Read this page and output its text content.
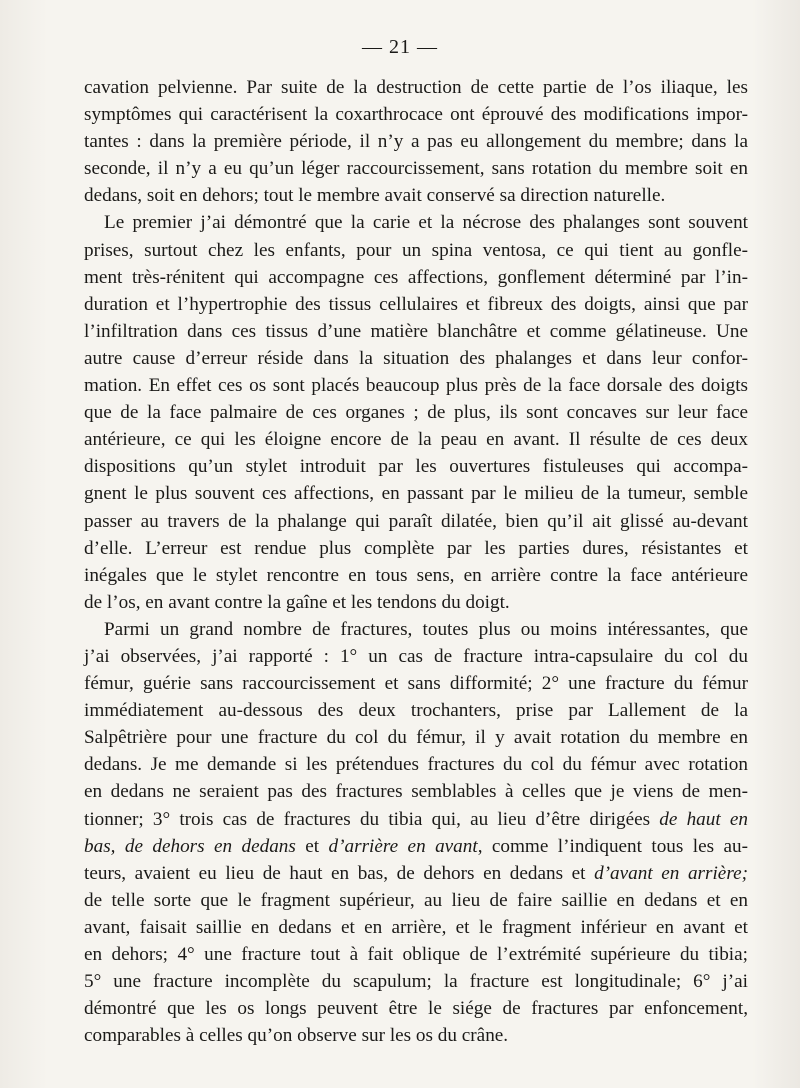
— 21 —

cavation pelvienne. Par suite de la destruction de cette partie de l’os iliaque, les
symptômes qui caractérisent la coxarthrocace ont éprouvé des modifications impor-
tantes : dans la première période, il n’y a pas eu allongement du membre; dans la
seconde, il n’y a eu qu’un léger raccourcissement, sans rotation du membre soit en
dedans, soit en dehors; tout le membre avait conservé sa direction naturelle.

Le premier j’ai démontré que la carie et la nécrose des phalanges sont souvent
prises, surtout chez les enfants, pour un spina ventosa, ce qui tient au gonfle-
ment très-rénitent qui accompagne ces affections, gonflement déterminé par l’in-
duration et l’hypertrophie des tissus cellulaires et fibreux des doigts, ainsi que par
l’infiltration dans ces tissus d’une matière blanchâtre et comme gélatineuse. Une
autre cause d’erreur réside dans la situation des phalanges et dans leur confor-
mation. En effet ces os sont placés beaucoup plus près de la face dorsale des doigts
que de la face palmaire de ces organes ; de plus, ils sont concaves sur leur face
antérieure, ce qui les éloigne encore de la peau en avant. Il résulte de ces deux
dispositions qu’un stylet introduit par les ouvertures fistuleuses qui accompa-
gnent le plus souvent ces affections, en passant par le milieu de la tumeur, semble
passer au travers de la phalange qui paraît dilatée, bien qu’il ait glissé au-devant
d’elle. L’erreur est rendue plus complète par les parties dures, résistantes et
inégales que le stylet rencontre en tous sens, en arrière contre la face antérieure
de l’os, en avant contre la gaîne et les tendons du doigt.

Parmi un grand nombre de fractures, toutes plus ou moins intéressantes, que
j’ai observées, j’ai rapporté : 1° un cas de fracture intra-capsulaire du col du
fémur, guérie sans raccourcissement et sans difformité; 2° une fracture du fémur
immédiatement au-dessous des deux trochanters, prise par Lallement de la
Salpêtrière pour une fracture du col du fémur, il y avait rotation du membre en
dedans. Je me demande si les prétendues fractures du col du fémur avec rotation
en dedans ne seraient pas des fractures semblables à celles que je viens de men-
tionner; 3° trois cas de fractures du tibia qui, au lieu d’être dirigées de haut en
bas, de dehors en dedans et d’arrière en avant, comme l’indiquent tous les au-
teurs, avaient eu lieu de haut en bas, de dehors en dedans et d’avant en arrière;
de telle sorte que le fragment supérieur, au lieu de faire saillie en dedans et en
avant, faisait saillie en dedans et en arrière, et le fragment inférieur en avant et
en dehors; 4° une fracture tout à fait oblique de l’extrémité supérieure du tibia;
5° une fracture incomplète du scapulum; la fracture est longitudinale; 6° j’ai
démontré que les os longs peuvent être le siége de fractures par enfoncement,
comparables à celles qu’on observe sur les os du crâne.
